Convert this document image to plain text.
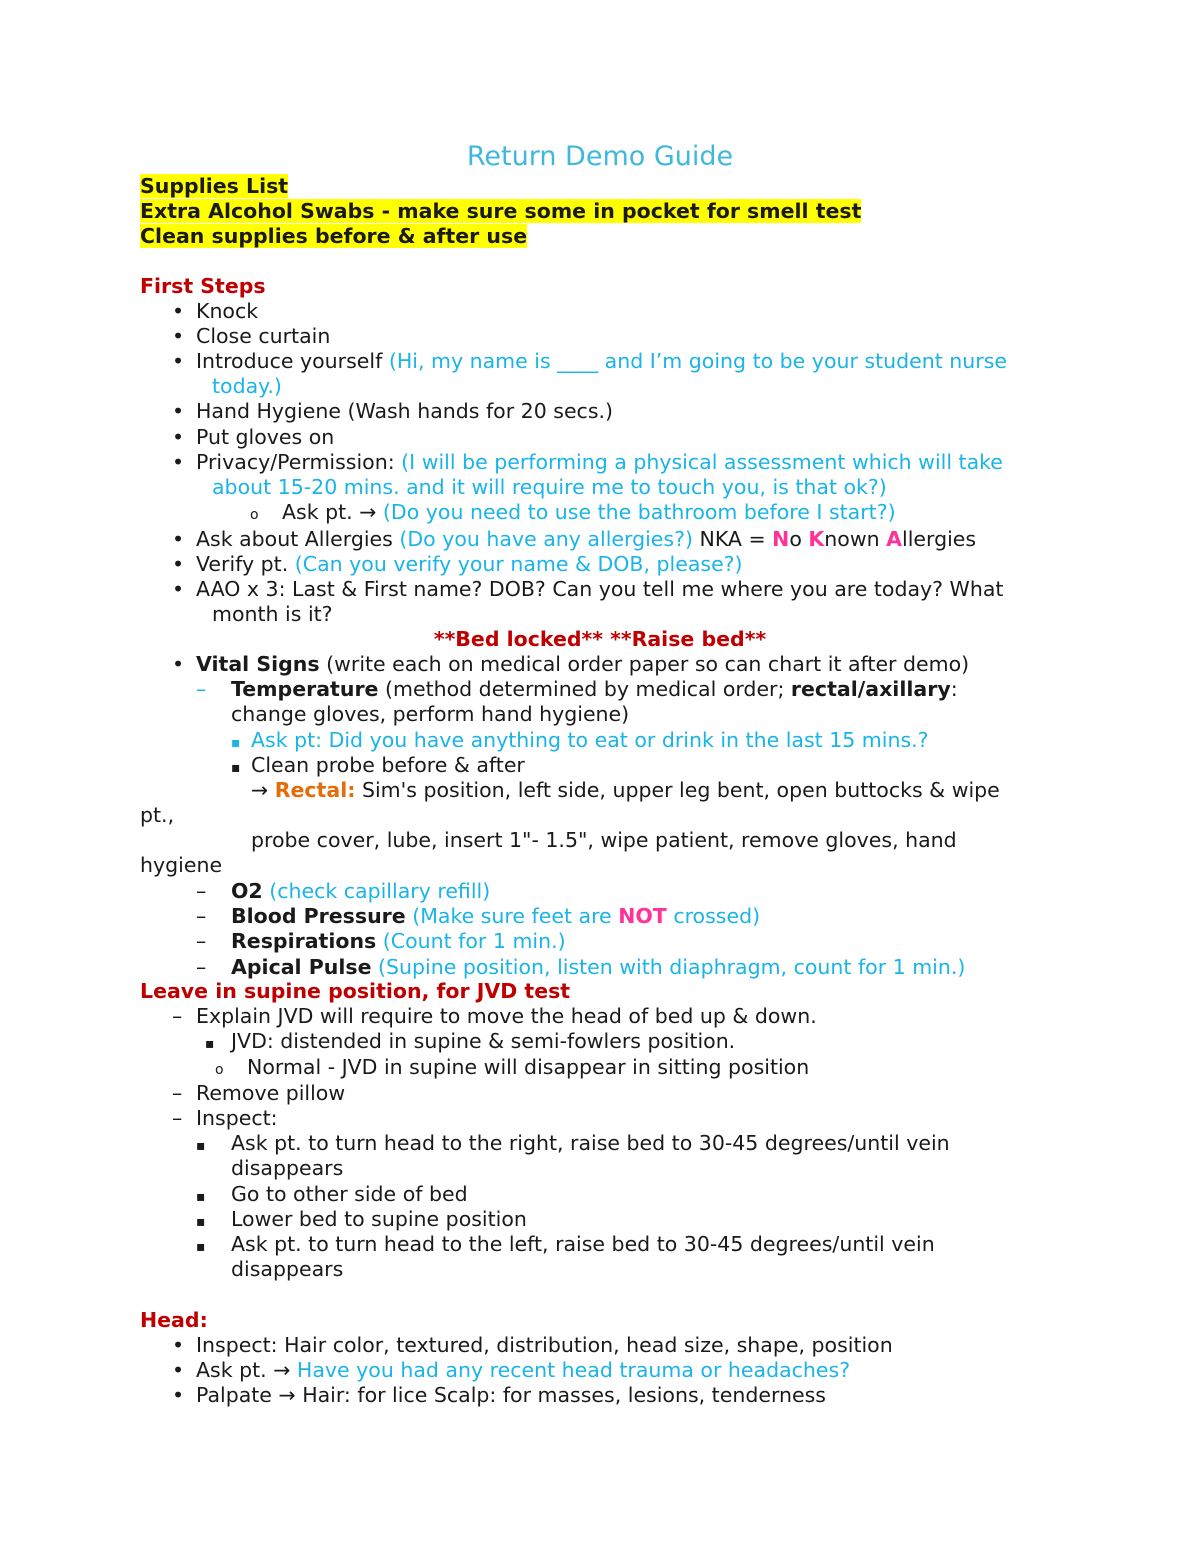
Return Demo Guide
Supplies List
Extra Alcohol Swabs - make sure some in pocket for smell test
Clean supplies before & after use
First Steps
• Knock
• Close curtain
• Introduce yourself (Hi, my name is ____ and I’m going to be your student nurse
today.)
• Hand Hygiene (Wash hands for 20 secs.)
• Put gloves on
• Privacy/Permission: (I will be performing a physical assessment which will take
about 15-20 mins. and it will require me to touch you, is that ok?)
o Ask pt. → (Do you need to use the bathroom before I start?)
• Ask about Allergies (Do you have any allergies?) NKA = No Known Allergies
• Verify pt. (Can you verify your name & DOB, please?)
• AAO x 3: Last & First name? DOB? Can you tell me where you are today? What
month is it?
**Bed locked** **Raise bed**
• Vital Signs (write each on medical order paper so can chart it after demo)
– Temperature (method determined by medical order; rectal/axillary:
change gloves, perform hand hygiene)
▪ Ask pt: Did you have anything to eat or drink in the last 15 mins.?
▪ Clean probe before & after
→ Rectal: Sim's position, left side, upper leg bent, open buttocks & wipe
pt.,
probe cover, lube, insert 1"- 1.5", wipe patient, remove gloves, hand
hygiene
– O2 (check capillary refill)
– Blood Pressure (Make sure feet are NOT crossed)
– Respirations (Count for 1 min.)
– Apical Pulse (Supine position, listen with diaphragm, count for 1 min.)
Leave in supine position, for JVD test
– Explain JVD will require to move the head of bed up & down.
▪ JVD: distended in supine & semi-fowlers position.
o Normal - JVD in supine will disappear in sitting position
– Remove pillow
– Inspect:
▪ Ask pt. to turn head to the right, raise bed to 30-45 degrees/until vein
disappears
▪ Go to other side of bed
▪ Lower bed to supine position
▪ Ask pt. to turn head to the left, raise bed to 30-45 degrees/until vein
disappears
Head:
• Inspect: Hair color, textured, distribution, head size, shape, position
• Ask pt. → Have you had any recent head trauma or headaches?
• Palpate → Hair: for lice Scalp: for masses, lesions, tenderness
